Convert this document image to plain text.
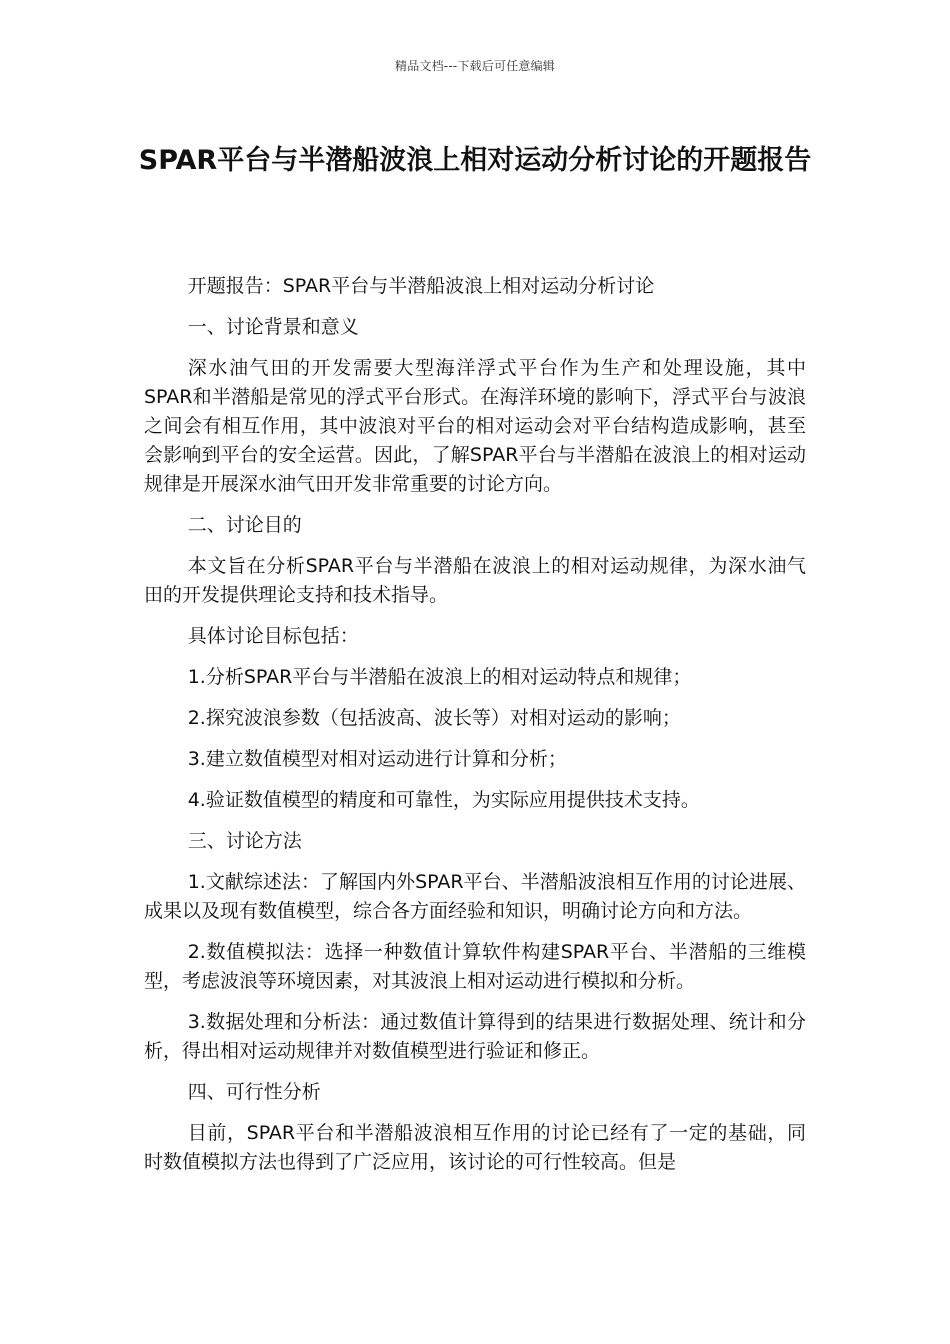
精品文档---下载后可任意编辑
SPAR平台与半潜船波浪上相对运动分析讨论的开题报告

开题报告：SPAR平台与半潜船波浪上相对运动分析讨论

一、讨论背景和意义

深水油气田的开发需要大型海洋浮式平台作为生产和处理设施，其中SPAR和半潜船是常见的浮式平台形式。在海洋环境的影响下，浮式平台与波浪之间会有相互作用，其中波浪对平台的相对运动会对平台结构造成影响，甚至会影响到平台的安全运营。因此，了解SPAR平台与半潜船在波浪上的相对运动规律是开展深水油气田开发非常重要的讨论方向。

二、讨论目的

本文旨在分析SPAR平台与半潜船在波浪上的相对运动规律，为深水油气田的开发提供理论支持和技术指导。

具体讨论目标包括：

1.分析SPAR平台与半潜船在波浪上的相对运动特点和规律；

2.探究波浪参数（包括波高、波长等）对相对运动的影响；

3.建立数值模型对相对运动进行计算和分析；

4.验证数值模型的精度和可靠性，为实际应用提供技术支持。

三、讨论方法

1.文献综述法：了解国内外SPAR平台、半潜船波浪相互作用的讨论进展、成果以及现有数值模型，综合各方面经验和知识，明确讨论方向和方法。

2.数值模拟法：选择一种数值计算软件构建SPAR平台、半潜船的三维模型，考虑波浪等环境因素，对其波浪上相对运动进行模拟和分析。

3.数据处理和分析法：通过数值计算得到的结果进行数据处理、统计和分析，得出相对运动规律并对数值模型进行验证和修正。

四、可行性分析

目前，SPAR平台和半潜船波浪相互作用的讨论已经有了一定的基础，同时数值模拟方法也得到了广泛应用，该讨论的可行性较高。但是
